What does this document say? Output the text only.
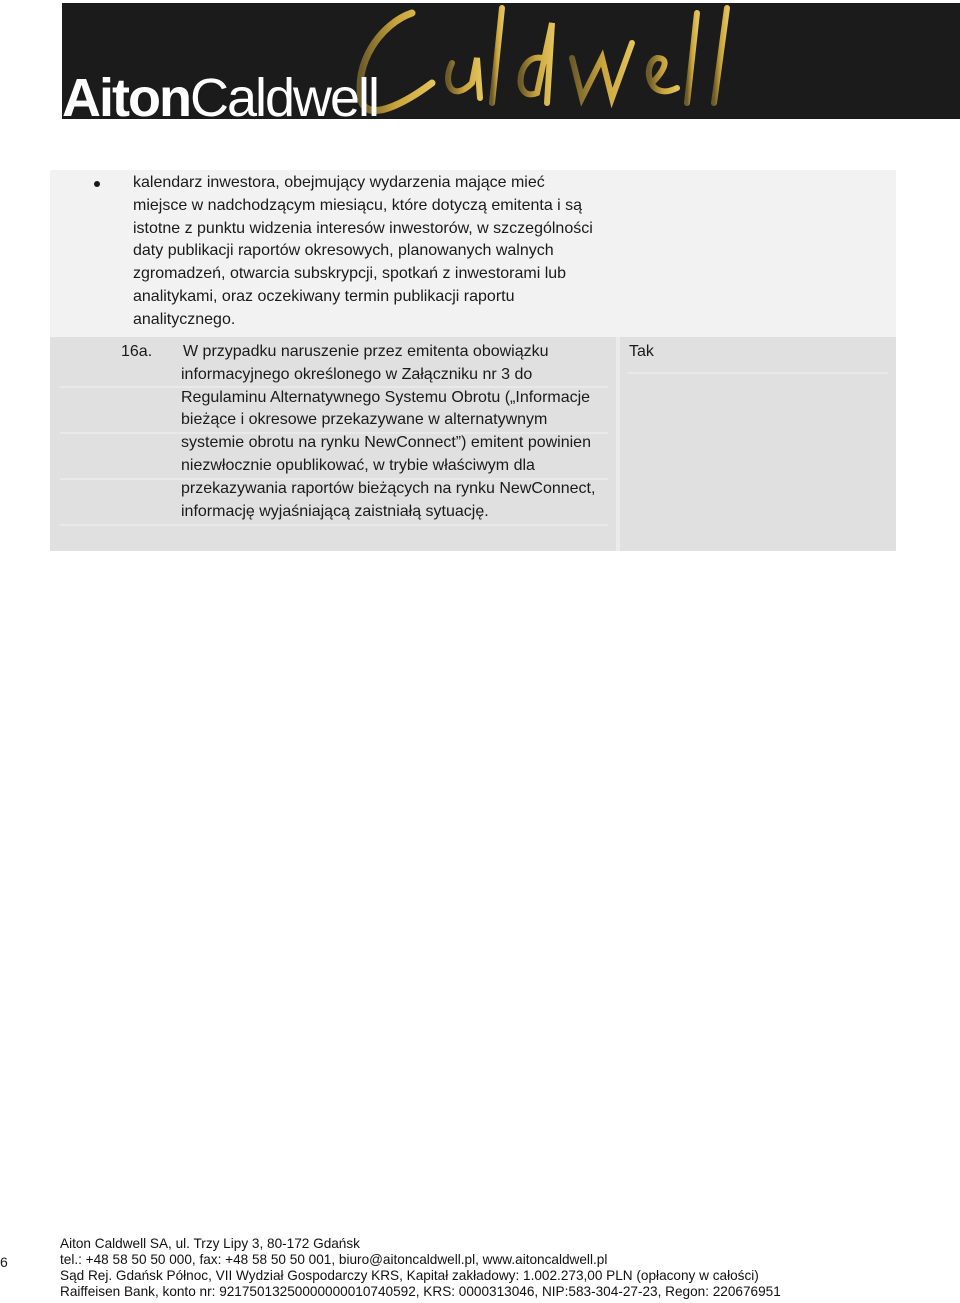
AitonCaldwell
kalendarz inwestora, obejmujący wydarzenia mające mieć miejsce w nadchodzącym miesiącu, które dotyczą emitenta i są istotne z punktu widzenia interesów inwestorów, w szczególności daty publikacji raportów okresowych, planowanych walnych zgromadzeń, otwarcia subskrypcji, spotkań z inwestorami lub analitykami, oraz oczekiwany termin publikacji raportu analitycznego.
16a. W przypadku naruszenie przez emitenta obowiązku informacyjnego określonego w Załączniku nr 3 do Regulaminu Alternatywnego Systemu Obrotu („Informacje bieżące i okresowe przekazywane w alternatywnym systemie obrotu na rynku NewConnect”) emitent powinien niezwłocznie opublikować, w trybie właściwym dla przekazywania raportów bieżących na rynku NewConnect, informację wyjaśniającą zaistniałą sytuację.
Tak
6
Aiton Caldwell SA, ul. Trzy Lipy 3, 80-172 Gdańsk
tel.: +48 58 50 50 000, fax: +48 58 50 50 001, biuro@aitoncaldwell.pl, www.aitoncaldwell.pl
Sąd Rej. Gdańsk Północ, VII Wydział Gospodarczy KRS, Kapitał zakładowy: 1.002.273,00 PLN (opłacony w całości)
Raiffeisen Bank, konto nr: 92175013250000000010740592, KRS: 0000313046, NIP:583-304-27-23, Regon: 220676951
